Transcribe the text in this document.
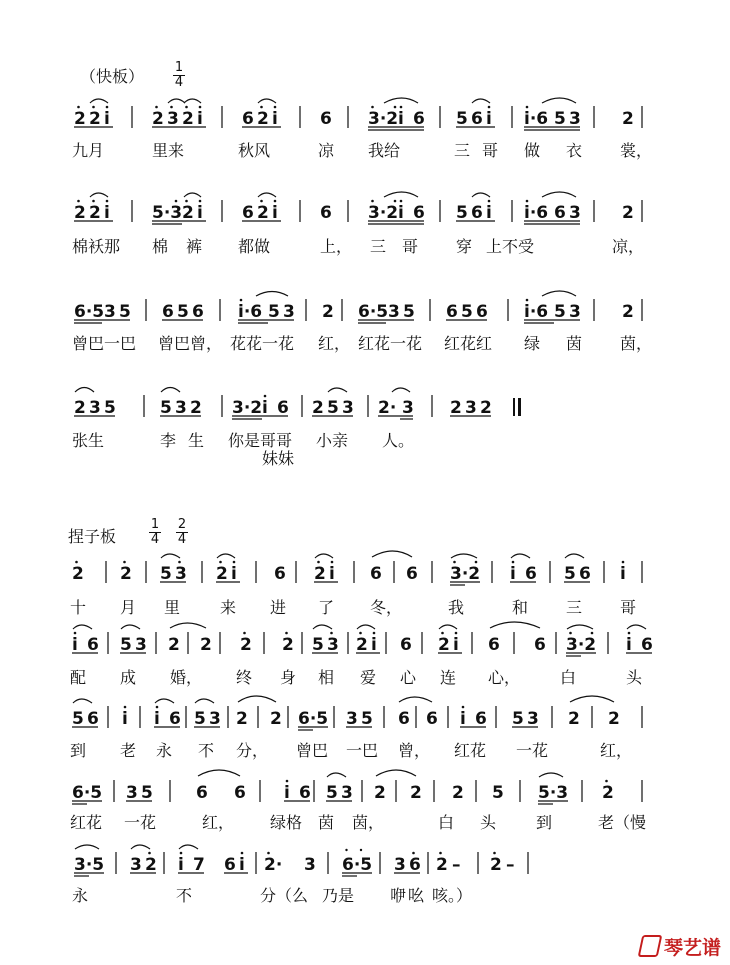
（快板） 1
4
2 2 i 2 3 2 i 6 2 i 6 3·2 i 6 5 6 i i·6 5 3 2
九月	里来	秋风	凉 我给	三 哥 做 衣 裳，
2 2 i 5·3 2 i 6 2 i 6 3·2 i 6 5 6 i i·6 6 3 2
棉袄那 棉 裤 都做	上， 三 哥 穿 上不受	凉，
6·5 3 5 6 5 6 i·6 5 3 2 6·5 3 5 6 5 6 i·6 5 3 2
曾巴一巴 曾巴曾， 花花一花 红， 红花一花 红花红 绿 茵 茵，
2 3 5	5 3 2 3·2 i 6 2 5 3 2· 3 2 3 2
张生	李 生 你是哥哥 小亲 人。
妹妹
捏子板
1
4
2
4
2 2 5 3 2 i 6 2 i 6 6 3·2 i 6 5 6 i
十 月 里 来 进 了 冬，	我	和 三 哥
i 6 5 3 2 2 2 2 5 3 2 i 6 2 i 6 6 3·2 i 6
配 成 婚， 终 身 相 爱 心 连 心， 白	头
5 6 i i 6 5 3 2 2 6·5 3 5 6 6 i 6 5 3 2 2
到 老 永 不 分， 曾巴 一巴 曾， 红花 一花	红，
6·5 3 5	6 6 i 6 5 3 2 2 2 5 5·3 2
红花 一花	红， 绿格 茵 茵，	白 头 到	老（慢
3·5 3 2 i 7 6 i 2· 3 6·5 3 6 2 – 2 –
永	不	分（么 乃是 咿 吆 咳。）
琴艺谱
